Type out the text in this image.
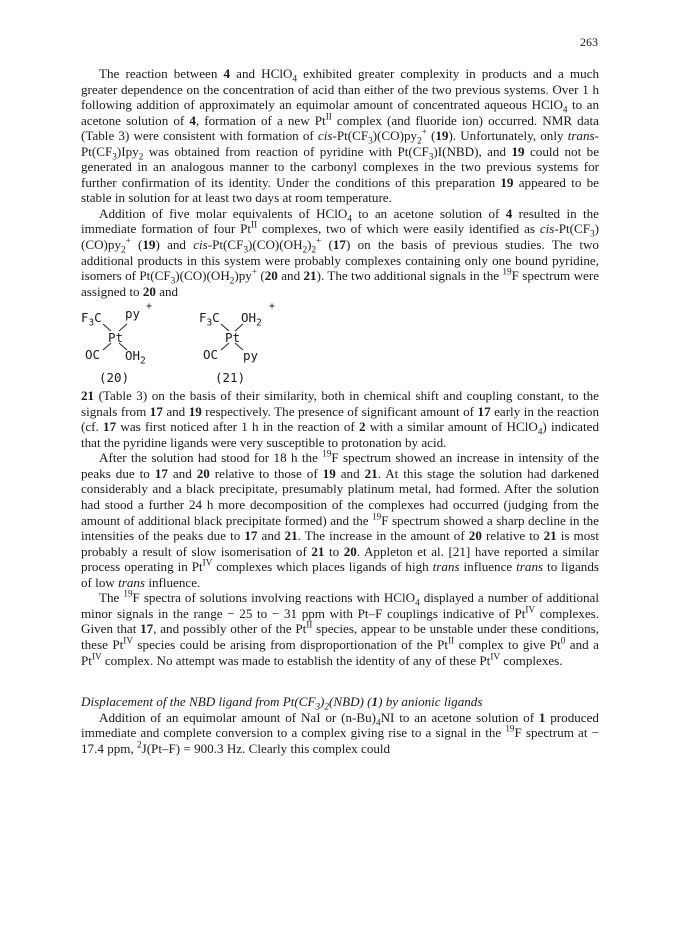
263

The reaction between 4 and HClO$_4$ exhibited greater complexity in products and a much greater dependence on the concentration of acid than either of the two previous systems. Over 1 h following addition of approximately an equimolar amount of concentrated aqueous HClO$_4$ to an acetone solution of 4, formation of a new $Pt^{II}$ complex (and fluoride ion) occurred. NMR data (Table 3) were consistent with formation of cis-$Pt(CF_3)(CO)py_2^+$ (19). Unfortunately, only trans-$Pt(CF_3)Ipy_2$ was obtained from reaction of pyridine with $Pt(CF_3)I(NBD)$, and 19 could not be generated in an analogous manner to the carbonyl complexes in the two previous systems for further confirmation of its identity. Under the conditions of this preparation 19 appeared to be stable in solution for at least two days at room temperature.

Addition of five molar equivalents of HClO$_4$ to an acetone solution of 4 resulted in the immediate formation of four $Pt^{II}$ complexes, two of which were easily identified as cis-$Pt(CF_3)(CO)py_2^+$ (19) and cis-$Pt(CF_3)(CO)(OH_2)_2^+$ (17) on the basis of previous studies. The two additional products in this system were probably complexes containing only one bound pyridine, isomers of $Pt(CF_3)(CO)(OH_2)py^+$ (20 and 21). The two additional signals in the $^{19}$F spectrum were assigned to 20 and

$F_3C$ py +
Pt
OC $OH_2$
(20)
$F_3C$ $OH_2$
+
Pt
OC py
(21)

21 (Table 3) on the basis of their similarity, both in chemical shift and coupling constant, to the signals from 17 and 19 respectively. The presence of significant amount of 17 early in the reaction (cf. 17 was first noticed after 1 h in the reaction of 2 with a similar amount of HClO$_4$) indicated that the pyridine ligands were very susceptible to protonation by acid.

After the solution had stood for 18 h the $^{19}$F spectrum showed an increase in intensity of the peaks due to 17 and 20 relative to those of 19 and 21. At this stage the solution had darkened considerably and a black precipitate, presumably platinum metal, had formed. After the solution had stood a further 24 h more decomposition of the complexes had occurred (judging from the amount of additional black precipitate formed) and the $^{19}$F spectrum showed a sharp decline in the intensities of the peaks due to 17 and 21. The increase in the amount of 20 relative to 21 is most probably a result of slow isomerisation of 21 to 20. Appleton et al. [21] have reported a similar process operating in $Pt^{IV}$ complexes which places ligands of high trans influence trans to ligands of low trans influence.

The $^{19}$F spectra of solutions involving reactions with HClO$_4$ displayed a number of additional minor signals in the range − 25 to − 31 ppm with Pt–F couplings indicative of $Pt^{IV}$ complexes. Given that 17, and possibly other of the $Pt^{II}$ species, appear to be unstable under these conditions, these $Pt^{IV}$ species could be arising from disproportionation of the $Pt^{II}$ complex to give Pt$^0$ and a $Pt^{IV}$ complex. No attempt was made to establish the identity of any of these $Pt^{IV}$ complexes.

Displacement of the NBD ligand from $Pt(CF_3)_2(NBD)$ (1) by anionic ligands

Addition of an equimolar amount of NaI or $(n-Bu)_4NI$ to an acetone solution of 1 produced immediate and complete conversion to a complex giving rise to a signal in the $^{19}$F spectrum at − 17.4 ppm, $^2$J(Pt–F) = 900.3 Hz. Clearly this complex could
